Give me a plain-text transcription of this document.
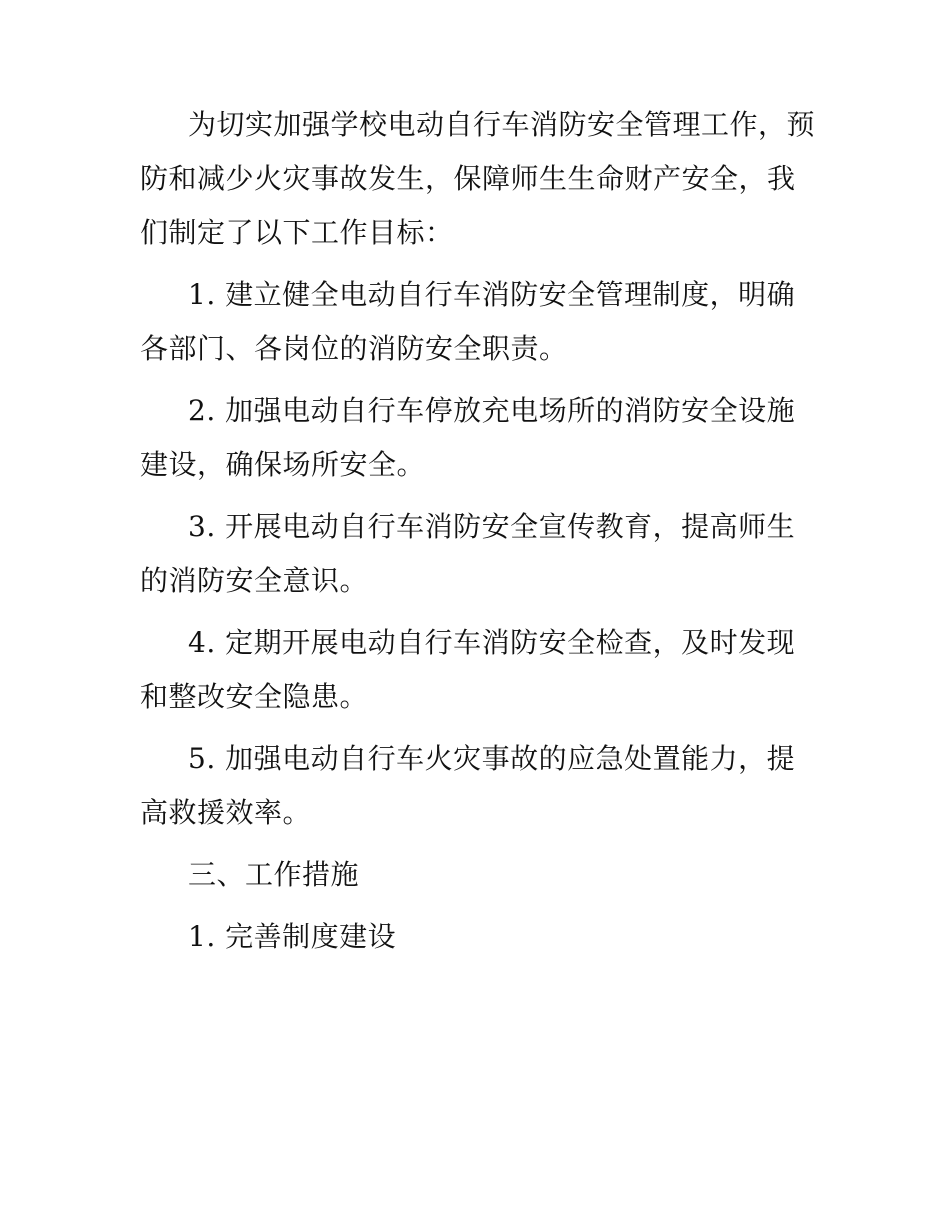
为切实加强学校电动自行车消防安全管理工作，预防和减少火灾事故发生，保障师生生命财产安全，我们制定了以下工作目标：

1. 建立健全电动自行车消防安全管理制度，明确各部门、各岗位的消防安全职责。

2. 加强电动自行车停放充电场所的消防安全设施建设，确保场所安全。

3. 开展电动自行车消防安全宣传教育，提高师生的消防安全意识。

4. 定期开展电动自行车消防安全检查，及时发现和整改安全隐患。

5. 加强电动自行车火灾事故的应急处置能力，提高救援效率。

三、工作措施

1. 完善制度建设
